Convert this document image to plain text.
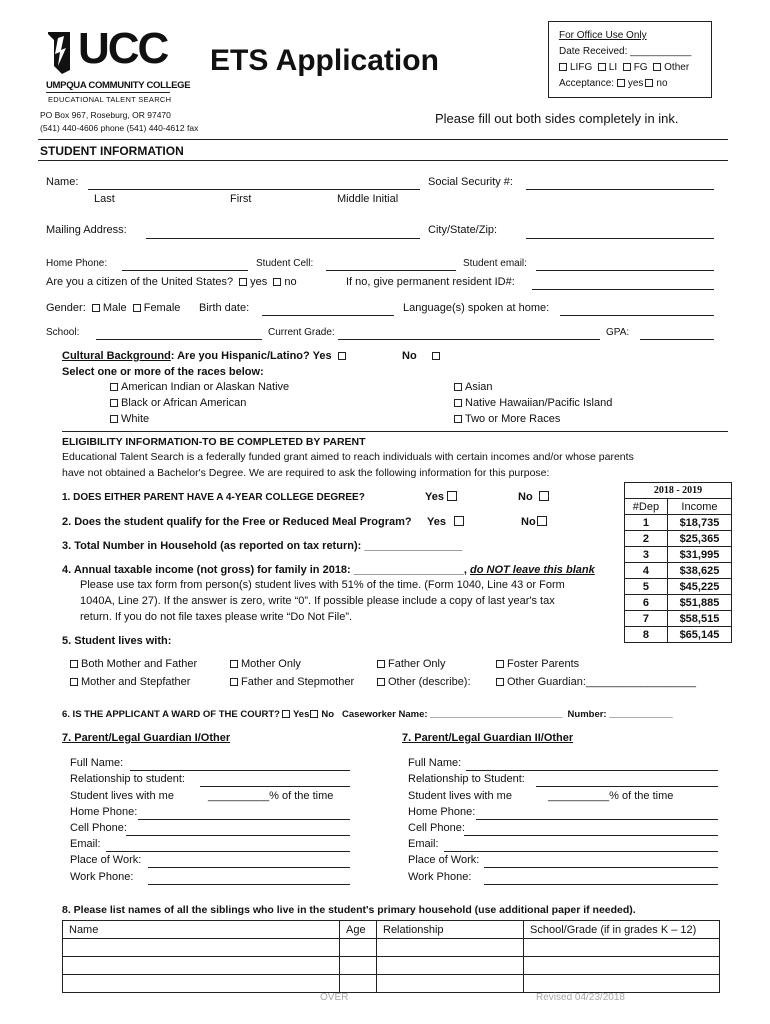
UCC
UMPQUA COMMUNITY COLLEGE
EDUCATIONAL TALENT SEARCH
ETS Application
For Office Use Only
Date Received: ___________
LIFG LI FG Other
Acceptance: yes no
PO Box 967, Roseburg, OR 97470
(541) 440-4606 phone (541) 440-4612 fax
Please fill out both sides completely in ink.
STUDENT INFORMATION
Name:	Social Security #:
Last	First	Middle Initial
Mailing Address:	City/State/Zip:
Home Phone:	Student Cell:	Student email:
Are you a citizen of the United States? yes no	If no, give permanent resident ID#:
Gender: Male Female Birth date:	Language(s) spoken at home:
School:	Current Grade:	GPA:
Cultural Background: Are you Hispanic/Latino? Yes	No
Select one or more of the races below:
American Indian or Alaskan Native
Black or African American
White
Asian
Native Hawaiian/Pacific Island
Two or More Races
ELIGIBILITY INFORMATION-TO BE COMPLETED BY PARENT
Educational Talent Search is a federally funded grant aimed to reach individuals with certain incomes and/or whose parents
have not obtained a Bachelor's Degree. We are required to ask the following information for this purpose:
1. DOES EITHER PARENT HAVE A 4-YEAR COLLEGE DEGREE?	Yes	No
2. Does the student qualify for the Free or Reduced Meal Program? Yes	No
3. Total Number in Household (as reported on tax return): ________________
4. Annual taxable income (not gross) for family in 2018: __________________, do NOT leave this blank
Please use tax form from person(s) student lives with 51% of the time. (Form 1040, Line 43 or Form
1040A, Line 27). If the answer is zero, write “0”. If possible please include a copy of last year's tax
return. If you do not file taxes please write “Do Not File”.
5. Student lives with:
Both Mother and Father	Mother Only	Father Only	Foster Parents
Mother and Stepfather	Father and Stepmother	Other (describe):	Other Guardian:__________________
6. IS THE APPLICANT A WARD OF THE COURT? Yes No Caseworker Name: _________________________ Number: ____________
2018 - 2019	
#Dep	Income
1	$18,735
2	$25,365
3	$31,995
4	$38,625
5	$45,225
6	$51,885
7	$58,515
8	$65,145
7. Parent/Legal Guardian I/Other
Full Name:
Relationship to student:
Student lives with me	__________% of the time
Home Phone:
Cell Phone:
Email:
Place of Work:
Work Phone:
7. Parent/Legal Guardian II/Other
Full Name:
Relationship to Student:
Student lives with me	__________% of the time
Home Phone:
Cell Phone:
Email:
Place of Work:
Work Phone:
8. Please list names of all the siblings who live in the student's primary household (use additional paper if needed).
Name	Age	Relationship	School/Grade (if in grades K – 12)

OVER	Revised 04/23/2018
